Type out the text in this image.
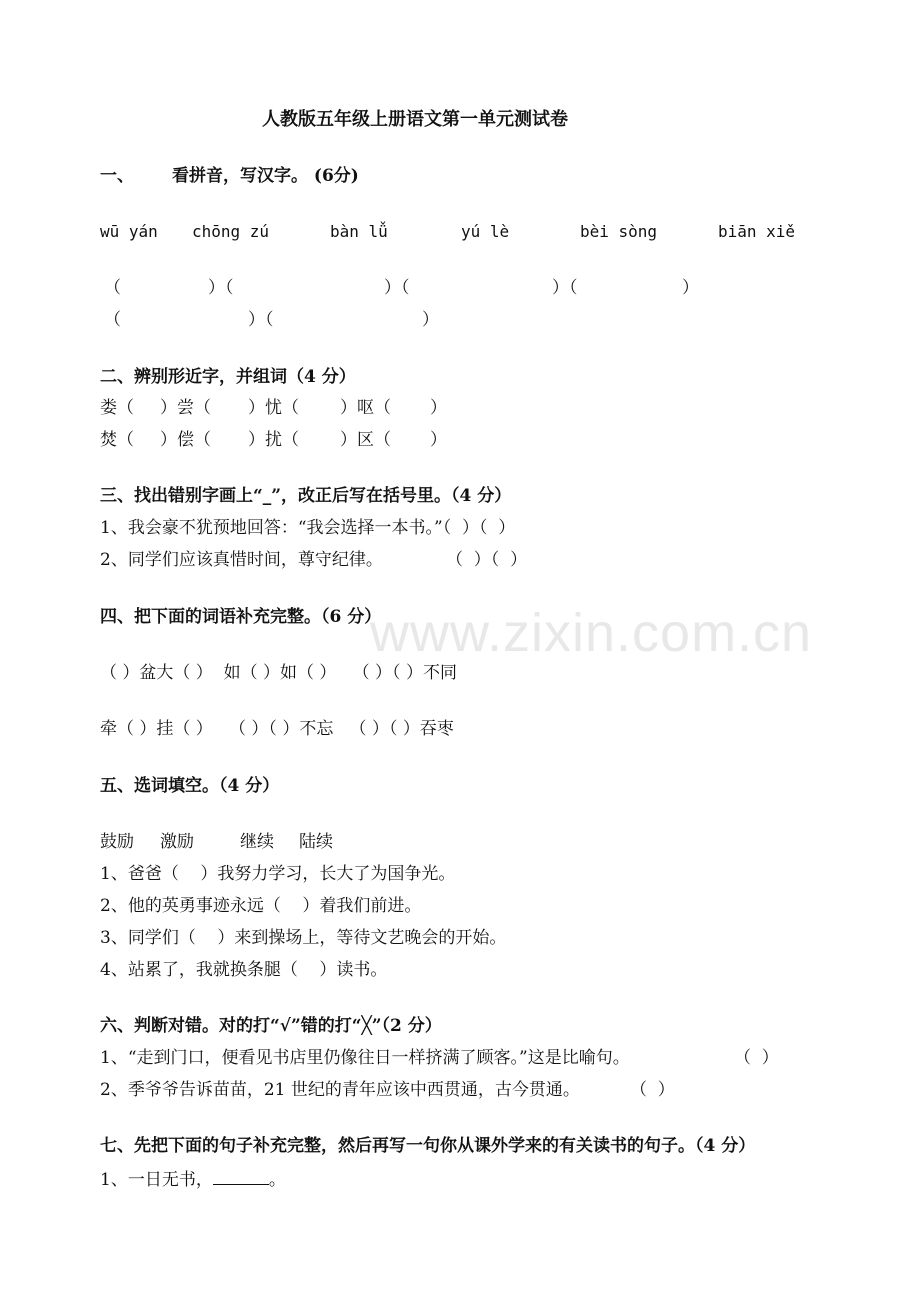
www.zixin.com.cn
人教版五年级上册语文第一单元测试卷
一、 看拼音，写汉字。 (6分)
wū yán chōng zú	bàn lǚ	yú lè	bèi sòng	biān xiě
（	）（	）（	）（	）
（	）（	）
二、辨别形近字，并组词（4 分）
娄（ ）尝（ ）忧（ ）呕（ ）
焚（ ）偿（ ）扰（ ）区（ ）
三、找出错别字画上“_”，改正后写在括号里。（4 分）
1、我会豪不犹预地回答：“我会选择一本书。”（  ）（  ）
2、同学们应该真惜时间，尊守纪律。	（  ）（  ）
四、把下面的词语补充完整。（6 分）
（ ）盆大（ ）  如（ ）如（ ）   （ ）（ ）不同
牵（ ）挂（ ）   （ ）（ ）不忘   （ ）（ ）吞枣
五、选词填空。（4 分）
鼓励 激励	继续 陆续
1、爸爸（    ）我努力学习，长大了为国争光。
2、他的英勇事迹永远（    ）着我们前进。
3、同学们（    ）来到操场上，等待文艺晚会的开始。
4、站累了，我就换条腿（    ）读书。
六、判断对错。对的打“√”错的打“╳”（2 分）
1、“走到门口，便看见书店里仍像往日一样挤满了顾客。”这是比喻句。	（  ）
2、季爷爷告诉苗苗，21 世纪的青年应该中西贯通，古今贯通。	（  ）
七、先把下面的句子补充完整，然后再写一句你从课外学来的有关读书的句子。（4 分）
1、一日无书，	。
